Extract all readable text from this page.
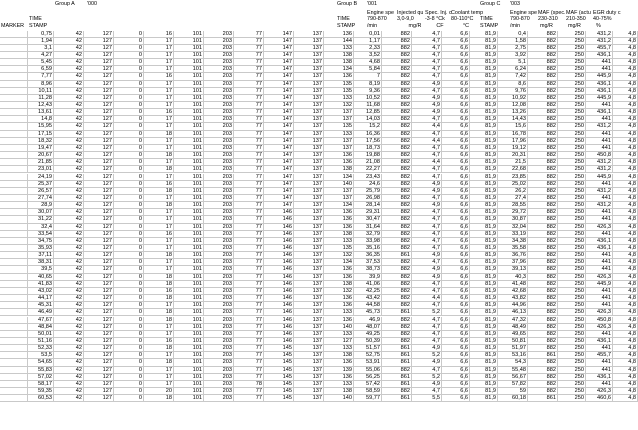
Group A	'000	Group B	'001	Group C	'003
Engine spe Injected qu Spec. Inj. c Coolant temp	Engine spe MAF (spec. MAF (actu EGR duty c
TIME	TIME	790-870	3,0-9,0	-3-8 °Ck	80-110°C	TIME	790-870	230-310	210-350	40-75%
MARKER STAMP	STAMP	/min	mg/R	CF	°C	STAMP	/min	mg/R	mg/R	%
0,75	42	127	0	16	101	203	77	147	137	136	0,01	882	4,7	6,6	81,9	0,4	882	250	431,2	4,8
1,94	42	127	0	17	101	203	77	147	137	144	1,17	882	4,7	6,6	81,9	1,58	882	250	431,2	4,8
3,1	42	127	0	17	101	203	77	147	137	133	2,33	882	4,7	6,6	81,9	2,75	882	250	455,7	4,8
4,27	42	127	0	17	101	203	77	147	137	138	3,52	882	4,7	6,6	81,9	3,92	882	250	436,1	4,8
5,45	42	127	0	17	101	203	77	147	137	138	4,68	882	4,7	6,6	81,9	5,1	882	250	441	4,8
6,59	42	127	0	17	101	203	77	147	137	134	5,84	882	4,7	6,6	81,9	6,24	882	250	441	4,8
7,77	42	127	0	16	101	203	77	147	137	136	7	882	4,7	6,6	81,9	7,42	882	250	445,9	4,8
8,96	42	127	0	17	101	203	77	147	137	135	8,19	882	4,9	6,6	81,9	8,6	882	250	436,1	4,8
10,11	42	127	0	17	101	203	77	147	137	135	9,36	882	4,7	6,6	81,9	9,76	882	250	436,1	4,8
11,28	42	127	0	17	101	203	77	147	137	133	10,52	882	4,9	6,6	81,9	10,92	882	250	445,9	4,8
12,43	42	127	0	17	101	203	77	147	137	132	11,68	882	4,9	6,6	81,9	12,08	882	250	441	4,8
13,61	42	127	0	16	101	203	77	147	137	137	12,85	882	4,9	6,6	81,9	13,26	882	250	436,1	4,8
14,8	42	127	0	17	101	203	77	147	137	137	14,03	882	4,7	6,6	81,9	14,43	882	250	441	4,8
15,95	42	127	0	17	101	203	77	147	137	135	15,2	882	4,4	6,6	81,9	15,6	882	250	431,2	4,8
17,15	42	127	0	18	101	203	77	147	137	133	16,36	882	4,7	6,6	81,9	16,78	882	250	441	4,8
18,32	42	127	0	17	101	203	77	147	137	137	17,56	882	4,4	6,6	81,9	17,96	882	250	441	4,8
19,47	42	127	0	17	101	203	77	147	137	137	18,73	882	4,7	6,6	81,9	19,12	882	250	441	4,8
20,67	42	127	0	18	101	203	77	147	137	136	19,88	882	4,7	6,6	81,9	20,31	882	250	450,8	4,8
21,85	42	127	0	17	101	203	77	147	137	136	21,08	882	4,4	6,6	81,9	21,5	882	250	431,2	4,8
23,01	42	127	0	18	101	203	77	147	137	138	22,27	882	4,7	6,6	81,9	22,68	882	250	431,2	4,8
24,19	42	127	0	17	101	203	77	147	137	134	23,43	882	4,7	6,6	81,9	23,85	882	250	445,9	4,8
25,37	42	127	0	16	101	203	77	147	137	140	24,6	882	4,9	6,6	81,9	25,02	882	250	441	4,8
26,57	42	127	0	18	101	203	77	147	137	137	25,79	882	4,9	6,6	81,9	26,2	882	250	431,2	4,8
27,74	42	127	0	17	101	203	77	147	137	137	26,98	882	4,7	6,6	81,9	27,4	882	250	441	4,8
28,9	42	127	0	18	101	203	77	147	137	134	28,14	882	4,9	6,6	81,9	28,55	882	250	431,2	4,8
30,07	42	127	0	17	101	203	77	146	137	136	29,31	882	4,7	6,6	81,9	29,72	882	250	441	4,8
31,22	42	127	0	17	101	203	77	146	137	136	30,47	882	4,7	6,6	81,9	30,87	882	250	441	4,8
32,4	42	127	0	17	101	203	77	146	137	136	31,64	882	4,7	6,6	81,9	32,04	882	250	426,3	4,8
33,54	42	127	0	16	101	203	77	146	137	138	32,79	882	4,7	6,6	81,9	33,19	882	250	441	4,8
34,75	42	127	0	17	101	203	77	146	137	133	33,98	882	4,7	6,6	81,9	34,38	882	250	436,1	4,8
35,93	42	127	0	17	101	203	77	146	137	135	35,16	882	4,7	6,6	81,9	35,58	882	250	436,1	4,8
37,11	42	127	0	18	101	203	77	146	137	132	36,35	861	4,9	6,6	81,9	36,76	882	250	441	4,8
38,31	42	127	0	17	101	203	77	146	137	134	37,53	882	4,7	6,6	81,9	37,96	882	250	441	4,8
39,5	42	127	0	17	101	203	77	146	137	136	38,73	882	4,9	6,6	81,9	39,13	882	250	441	4,8
40,65	42	127	0	18	101	203	77	146	137	136	39,9	882	4,9	6,6	81,9	40,3	882	250	426,3	4,8
41,83	42	127	0	18	101	203	77	146	137	138	41,06	882	4,7	6,6	81,9	41,48	882	250	445,9	4,8
43,02	42	127	0	16	101	203	77	146	137	132	42,25	882	4,7	6,6	81,9	42,68	882	250	441	4,8
44,17	42	127	0	18	101	203	77	146	137	136	43,42	882	4,4	6,6	81,9	43,82	882	250	441	4,8
45,31	42	127	0	17	101	203	77	146	137	136	44,58	882	4,7	6,6	81,9	44,96	882	250	441	4,8
46,49	42	127	0	18	101	203	77	146	137	133	45,73	861	5,2	6,6	81,9	46,13	882	250	426,3	4,8
47,67	42	127	0	18	101	203	77	146	137	136	46,9	882	4,7	6,6	81,9	47,32	882	250	450,8	4,8
48,84	42	127	0	17	101	203	77	146	137	140	48,07	882	4,7	6,6	81,9	48,49	882	250	426,3	4,8
50,01	42	127	0	17	101	203	77	146	137	133	49,25	882	4,7	6,6	81,9	49,65	882	250	441	4,8
51,16	42	127	0	16	101	203	77	146	137	127	50,39	882	4,7	6,6	81,9	50,81	882	250	436,1	4,8
52,33	42	127	0	18	101	203	77	145	137	133	51,57	861	4,9	6,6	81,9	51,97	882	250	441	4,8
53,5	42	127	0	17	101	203	77	145	137	138	52,75	861	5,2	6,6	81,9	53,16	861	250	455,7	4,8
54,65	42	127	0	18	101	203	77	145	137	136	53,91	861	4,9	6,6	81,9	54,3	882	250	441	4,8
55,83	42	127	0	17	101	203	77	145	137	139	55,06	882	4,7	6,6	81,9	55,48	882	250	441	4,8
57,02	42	127	0	17	101	203	77	145	137	136	56,25	861	5,2	6,6	81,9	56,67	882	250	436,1	4,8
58,17	42	127	0	17	101	203	78	145	137	133	57,42	861	4,9	6,6	81,9	57,82	882	250	441	4,8
59,35	42	127	0	20	101	203	77	145	137	138	58,59	882	4,7	6,6	81,9	59	882	250	426,3	4,8
60,53	42	127	0	18	101	203	77	145	137	140	59,77	861	5,5	6,6	81,9	60,18	861	250	460,6	4,8
